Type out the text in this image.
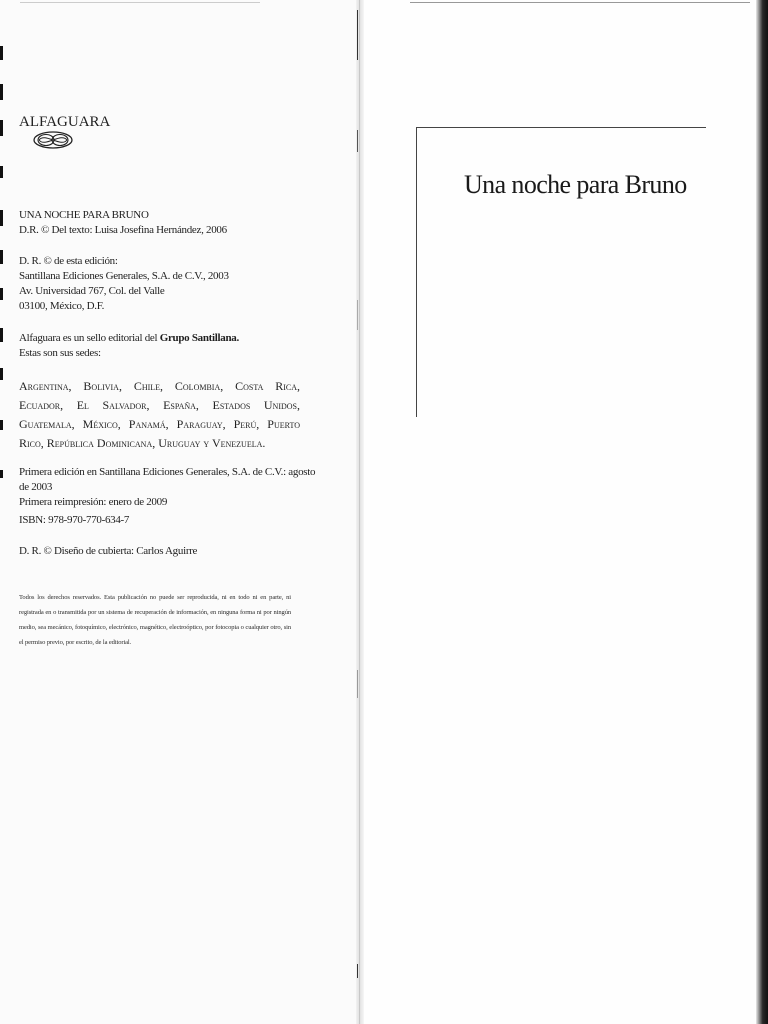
ALFAGUARA

UNA NOCHE PARA BRUNO

D.R. © Del texto: Luisa Josefina Hernández, 2006

D. R. © de esta edición:

Santillana Ediciones Generales, S.A. de C.V., 2003

Av. Universidad 767, Col. del Valle

03100, México, D.F.

Alfaguara es un sello editorial del Grupo Santillana.

Estas son sus sedes:

Argentina, Bolivia, Chile, Colombia, Costa Rica, Ecuador, El Salvador, España, Estados Unidos, Guatemala, México, Panamá, Paraguay, Perú, Puerto Rico, República Dominicana, Uruguay y Venezuela.

Primera edición en Santillana Ediciones Generales, S.A. de C.V.: agosto de 2003

Primera reimpresión: enero de 2009

ISBN: 978-970-770-634-7

D. R. © Diseño de cubierta: Carlos Aguirre

Todos los derechos reservados. Esta publicación no puede ser reproducida, ni en todo ni en parte, ni registrada en o transmitida por un sistema de recuperación de información, en ninguna forma ni por ningún medio, sea mecánico, fotoquímico, electrónico, magnético, electroóptico, por fotocopia o cualquier otro, sin el permiso previo, por escrito, de la editorial.
Una noche para Bruno
